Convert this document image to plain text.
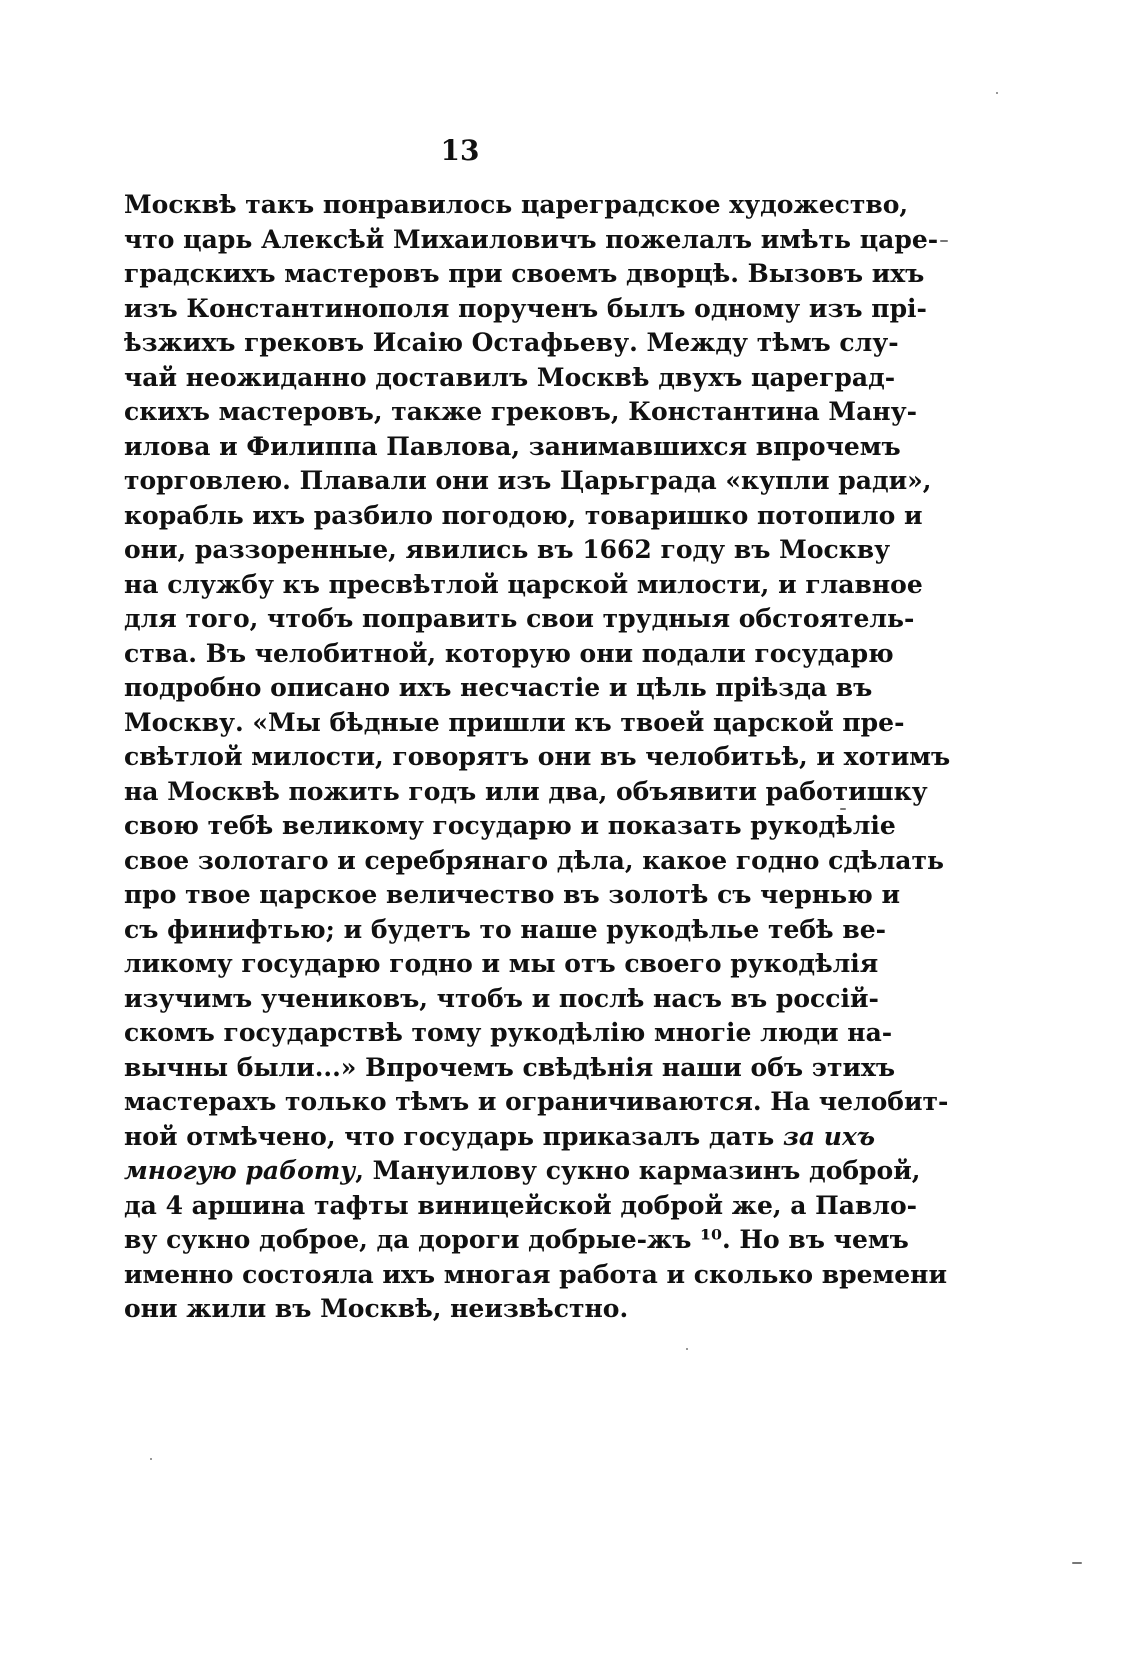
13
Москвѣ такъ понравилось цареградское художество,
что царь Алексѣй Михаиловичъ пожелалъ имѣть царе-
градскихъ мастеровъ при своемъ дворцѣ. Вызовъ ихъ
изъ Константинополя порученъ былъ одному изъ прі-
ѣзжихъ грековъ Исаію Остафьеву. Между тѣмъ слу-
чай неожиданно доставилъ Москвѣ двухъ цареград-
скихъ мастеровъ, также грековъ, Константина Ману-
илова и Филиппа Павлова, занимавшихся впрочемъ
торговлею. Плавали они изъ Царьграда «купли ради»,
корабль ихъ разбило погодою, товаришко потопило и
они, раззоренные, явились въ 1662 году въ Москву
на службу къ пресвѣтлой царской милости, и главное
для того, чтобъ поправить свои трудныя обстоятель-
ства. Въ челобитной, которую они подали государю
подробно описано ихъ несчастіе и цѣль пріѣзда въ
Москву. «Мы бѣдные пришли къ твоей царской пре-
свѣтлой милости, говорятъ они въ челобитьѣ, и хотимъ
на Москвѣ пожить годъ или два, объявити работишку
свою тебѣ великому государю и показать рукодѣліе
свое золотаго и серебрянаго дѣла, какое годно сдѣлать
про твое царское величество въ золотѣ съ чернью и
съ финифтью; и будетъ то наше рукодѣлье тебѣ ве-
ликому государю годно и мы отъ своего рукодѣлія
изучимъ учениковъ, чтобъ и послѣ насъ въ россій-
скомъ государствѣ тому рукодѣлію многіе люди на-
вычны были...» Впрочемъ свѣдѣнія наши объ этихъ
мастерахъ только тѣмъ и ограничиваются. На челобит-
ной отмѣчено, что государь приказалъ дать за ихъ
многую работу, Мануилову сукно кармазинъ доброй,
да 4 аршина тафты виницейской доброй же, а Павло-
ву сукно доброе, да дороги добрые-жъ ¹⁰. Но въ чемъ
именно состояла ихъ многая работа и сколько времени
они жили въ Москвѣ, неизвѣстно.
